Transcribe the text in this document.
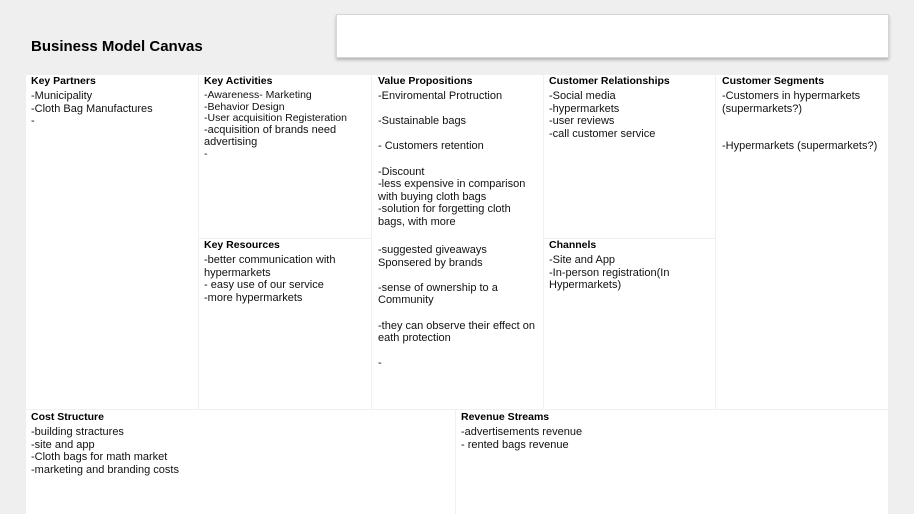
Business Model Canvas
Key Partners
-Municipality
-Cloth Bag Manufactures
-
Key Activities
-Awareness- Marketing
-Behavior Design
-User acquisition Registeration
-acquisition of brands need
advertising
-
Value Propositions
-Enviromental Protruction
-Sustainable bags
- Customers retention
-Discount
-less expensive in comparison
with buying cloth bags
-solution for forgetting cloth
bags, with more
-suggested giveaways
Sponsered by brands
-sense of ownership to a
Community
-they can observe their effect on
eath protection
-
Customer Relationships
-Social media
-hypermarkets
-user reviews
-call customer service
Customer Segments
-Customers in hypermarkets
(supermarkets?)
-Hypermarkets (supermarkets?)
Key Resources
-better communication with
hypermarkets
- easy use of our service
-more hypermarkets
Channels
-Site and App
-In-person registration(In
Hypermarkets)
Cost Structure
-building stractures
-site and app
-Cloth bags for math market
-marketing and branding costs
Revenue Streams
-advertisements revenue
- rented bags revenue
